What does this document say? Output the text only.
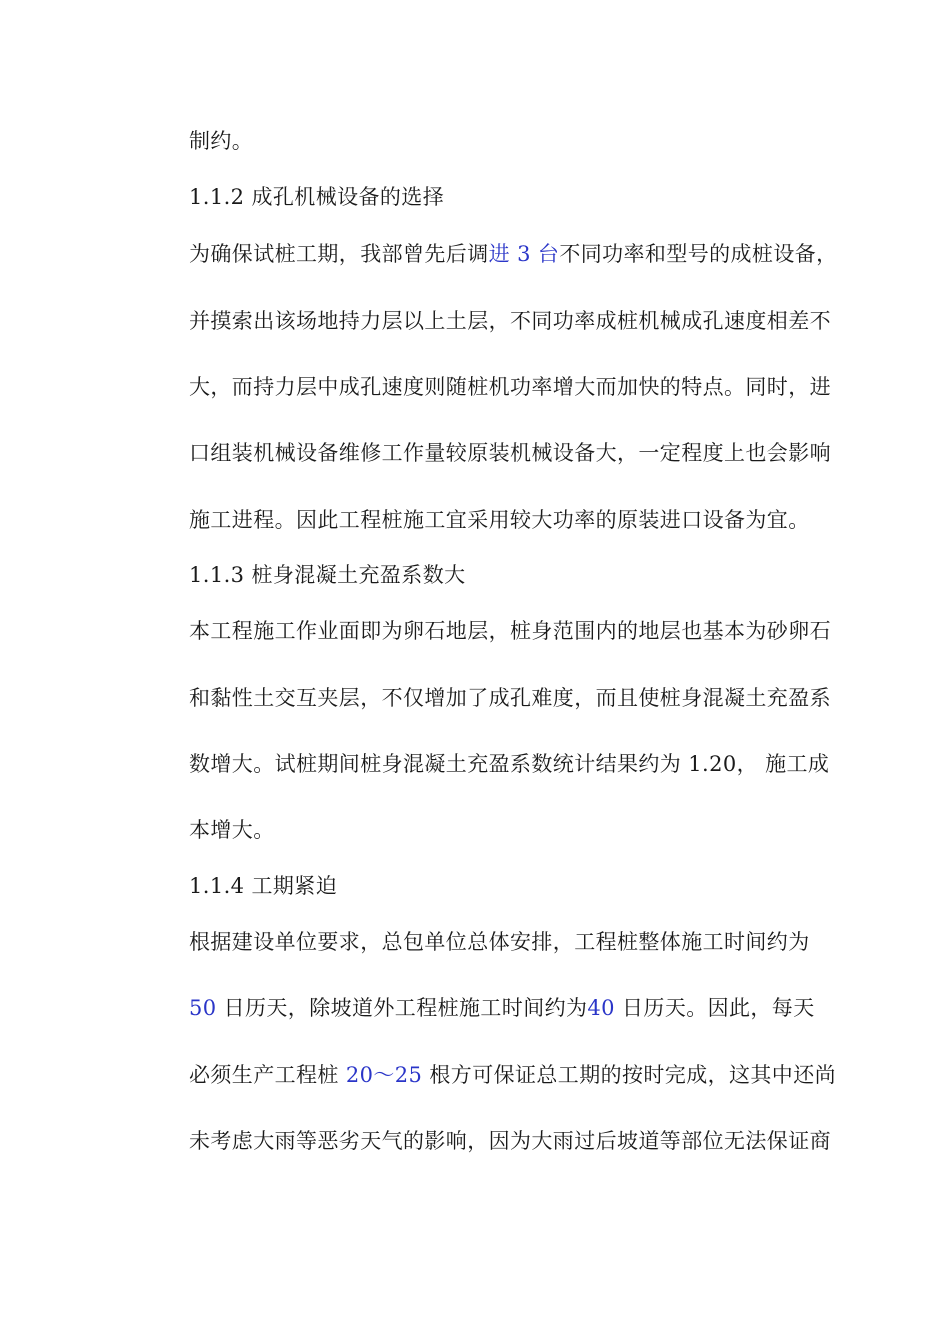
制约。
1.1.2 成孔机械设备的选择
为确保试桩工期，我部曾先后调进 3 台不同功率和型号的成桩设备，
并摸索出该场地持力层以上土层，不同功率成桩机械成孔速度相差不
大，而持力层中成孔速度则随桩机功率增大而加快的特点。同时，进
口组装机械设备维修工作量较原装机械设备大，一定程度上也会影响
施工进程。因此工程桩施工宜采用较大功率的原装进口设备为宜。
1.1.3 桩身混凝土充盈系数大
本工程施工作业面即为卵石地层，桩身范围内的地层也基本为砂卵石
和黏性土交互夹层，不仅增加了成孔难度，而且使桩身混凝土充盈系
数增大。试桩期间桩身混凝土充盈系数统计结果约为 1.20， 施工成
本增大。
1.1.4 工期紧迫
根据建设单位要求，总包单位总体安排，工程桩整体施工时间约为
50 日历天，除坡道外工程桩施工时间约为40 日历天。因此，每天
必须生产工程桩 20～25 根方可保证总工期的按时完成，这其中还尚
未考虑大雨等恶劣天气的影响，因为大雨过后坡道等部位无法保证商
